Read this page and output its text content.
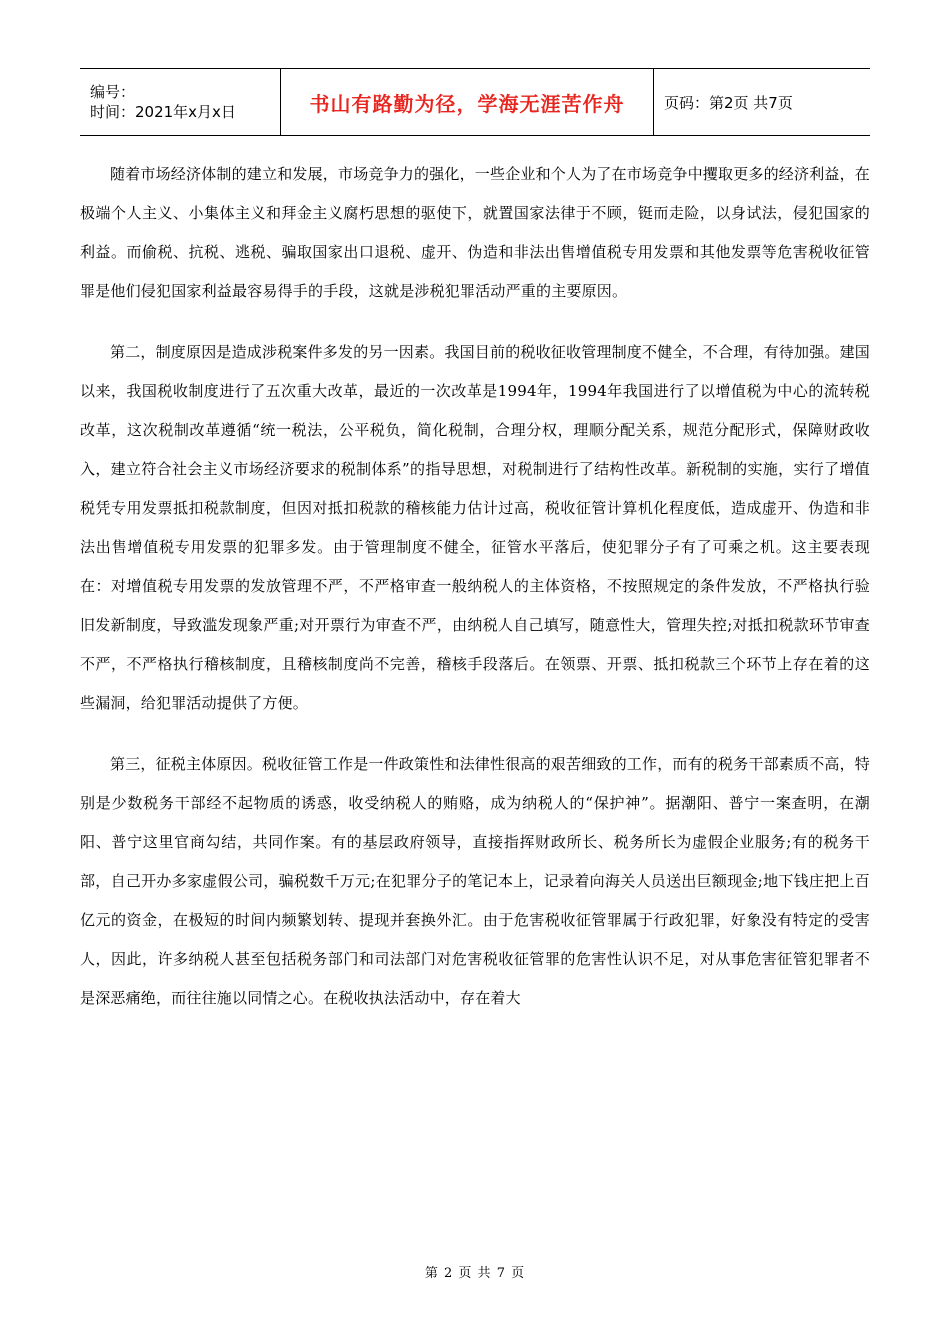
编号：
时间：2021年x月x日	书山有路勤为径，学海无涯苦作舟	页码：第2页 共7页

随着市场经济体制的建立和发展，市场竞争力的强化，一些企业和个人为了在市场竞争中攫取更多的经济利益，在极端个人主义、小集体主义和拜金主义腐朽思想的驱使下，就置国家法律于不顾，铤而走险，以身试法，侵犯国家的利益。而偷税、抗税、逃税、骗取国家出口退税、虚开、伪造和非法出售增值税专用发票和其他发票等危害税收征管罪是他们侵犯国家利益最容易得手的手段，这就是涉税犯罪活动严重的主要原因。

第二，制度原因是造成涉税案件多发的另一因素。我国目前的税收征收管理制度不健全，不合理，有待加强。建国以来，我国税收制度进行了五次重大改革，最近的一次改革是1994年，1994年我国进行了以增值税为中心的流转税改革，这次税制改革遵循“统一税法，公平税负，简化税制，合理分权，理顺分配关系，规范分配形式，保障财政收入，建立符合社会主义市场经济要求的税制体系”的指导思想，对税制进行了结构性改革。新税制的实施，实行了增值税凭专用发票抵扣税款制度，但因对抵扣税款的稽核能力估计过高，税收征管计算机化程度低，造成虚开、伪造和非法出售增值税专用发票的犯罪多发。由于管理制度不健全，征管水平落后，使犯罪分子有了可乘之机。这主要表现在：对增值税专用发票的发放管理不严，不严格审查一般纳税人的主体资格，不按照规定的条件发放，不严格执行验旧发新制度，导致滥发现象严重;对开票行为审查不严，由纳税人自己填写，随意性大，管理失控;对抵扣税款环节审查不严，不严格执行稽核制度，且稽核制度尚不完善，稽核手段落后。在领票、开票、抵扣税款三个环节上存在着的这些漏洞，给犯罪活动提供了方便。

第三，征税主体原因。税收征管工作是一件政策性和法律性很高的艰苦细致的工作，而有的税务干部素质不高，特别是少数税务干部经不起物质的诱惑，收受纳税人的贿赂，成为纳税人的“保护神”。据潮阳、普宁一案查明，在潮阳、普宁这里官商勾结，共同作案。有的基层政府领导，直接指挥财政所长、税务所长为虚假企业服务;有的税务干部，自己开办多家虚假公司，骗税数千万元;在犯罪分子的笔记本上，记录着向海关人员送出巨额现金;地下钱庄把上百亿元的资金，在极短的时间内频繁划转、提现并套换外汇。由于危害税收征管罪属于行政犯罪，好象没有特定的受害人，因此，许多纳税人甚至包括税务部门和司法部门对危害税收征管罪的危害性认识不足，对从事危害征管犯罪者不是深恶痛绝，而往往施以同情之心。在税收执法活动中，存在着大

第 2 页 共 7 页
